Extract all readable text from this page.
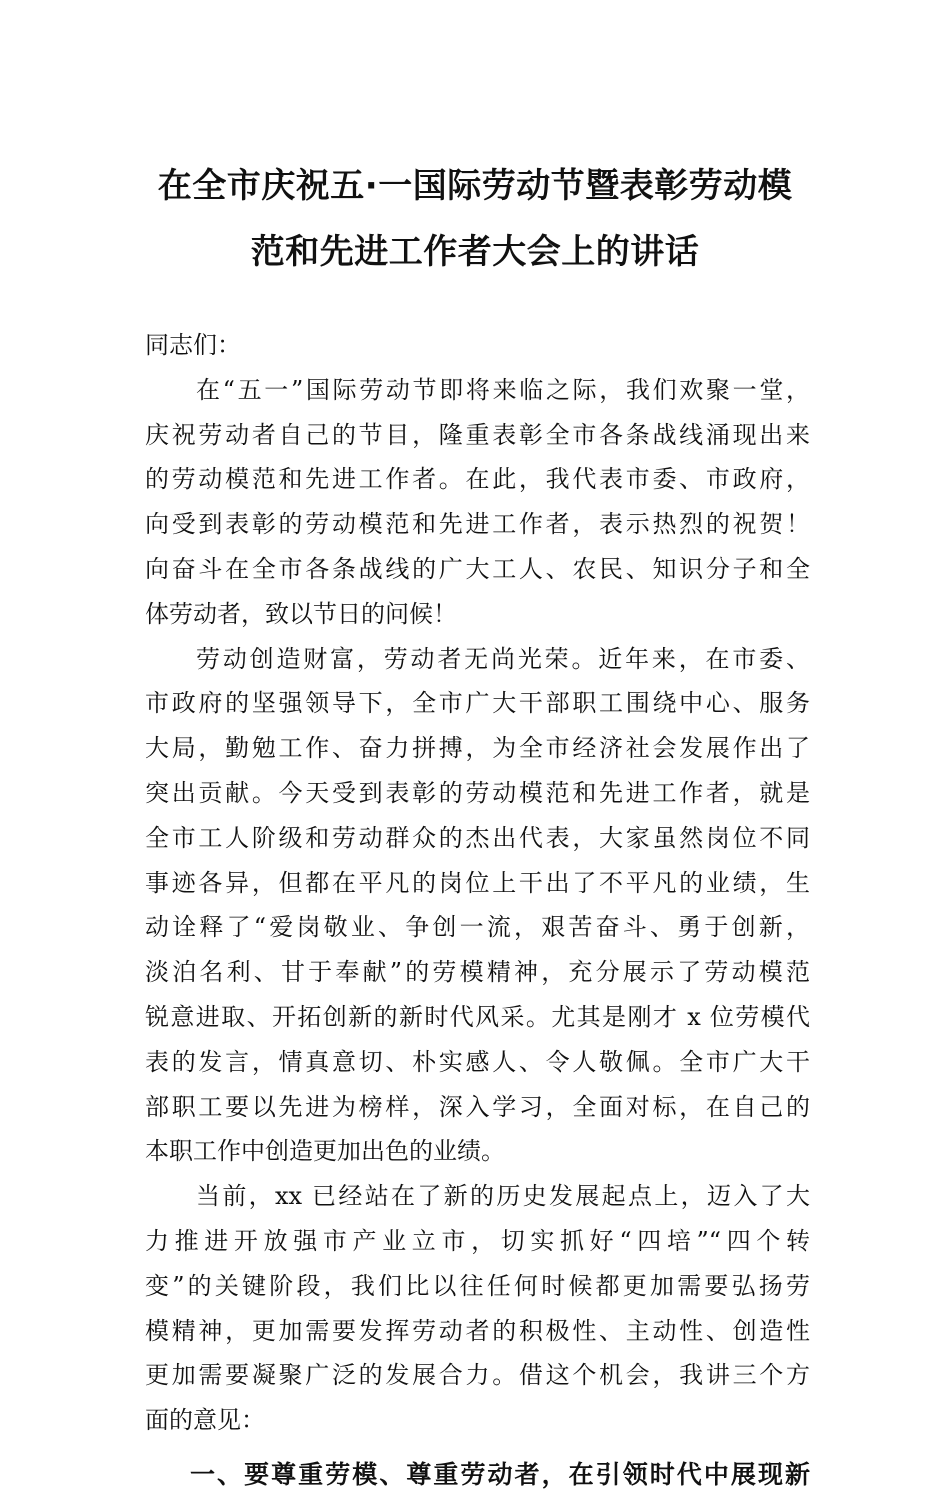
在全市庆祝五·一国际劳动节暨表彰劳动模
范和先进工作者大会上的讲话
同志们：
在“五一”国际劳动节即将来临之际，我们欢聚一堂，
庆祝劳动者自己的节目，隆重表彰全市各条战线涌现出来
的劳动模范和先进工作者。在此，我代表市委、市政府，
向受到表彰的劳动模范和先进工作者，表示热烈的祝贺！
向奋斗在全市各条战线的广大工人、农民、知识分子和全
体劳动者，致以节日的问候！
劳动创造财富，劳动者无尚光荣。近年来，在市委、
市政府的坚强领导下，全市广大干部职工围绕中心、服务
大局，勤勉工作、奋力拼搏，为全市经济社会发展作出了
突出贡献。今天受到表彰的劳动模范和先进工作者，就是
全市工人阶级和劳动群众的杰出代表，大家虽然岗位不同
事迹各异，但都在平凡的岗位上干出了不平凡的业绩，生
动诠释了“爱岗敬业、争创一流，艰苦奋斗、勇于创新，
淡泊名利、甘于奉献”的劳模精神，充分展示了劳动模范
锐意进取、开拓创新的新时代风采。尤其是刚才 x 位劳模代
表的发言，情真意切、朴实感人、令人敬佩。全市广大干
部职工要以先进为榜样，深入学习，全面对标，在自己的
本职工作中创造更加出色的业绩。
当前，xx 已经站在了新的历史发展起点上，迈入了大
力推进开放强市产业立市，切实抓好“四培”“四个转
变”的关键阶段，我们比以往任何时候都更加需要弘扬劳
模精神，更加需要发挥劳动者的积极性、主动性、创造性
更加需要凝聚广泛的发展合力。借这个机会，我讲三个方
面的意见：
一、要尊重劳模、尊重劳动者，在引领时代中展现新
